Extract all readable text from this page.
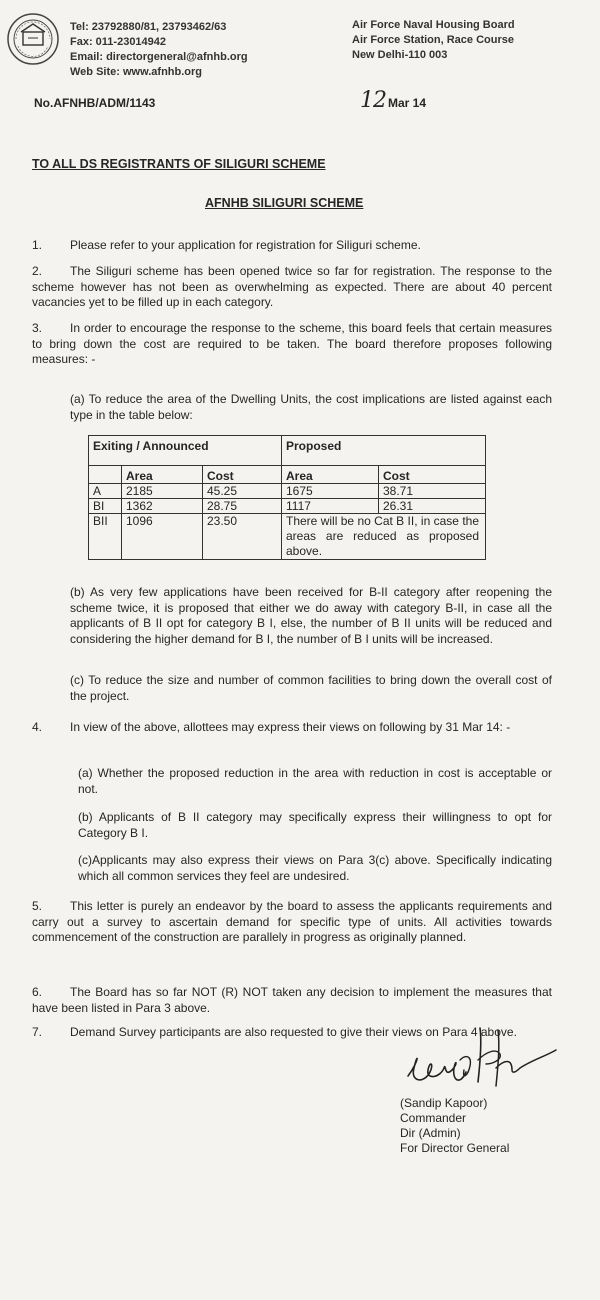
Tel: 23792880/81, 23793462/63
Fax: 011-23014942
Email: directorgeneral@afnhb.org
Web Site: www.afnhb.org
Air Force Naval Housing Board
Air Force Station, Race Course
New Delhi-110 003
No.AFNHB/ADM/1143	12 Mar 14
TO ALL DS REGISTRANTS OF SILIGURI SCHEME
AFNHB SILIGURI SCHEME
1. Please refer to your application for registration for Siliguri scheme.
2. The Siliguri scheme has been opened twice so far for registration. The response to the scheme however has not been as overwhelming as expected. There are about 40 percent vacancies yet to be filled up in each category.
3. In order to encourage the response to the scheme, this board feels that certain measures to bring down the cost are required to be taken. The board therefore proposes following measures: -
(a) To reduce the area of the Dwelling Units, the cost implications are listed against each type in the table below:
Exiting / Announced			Proposed	
	Area	Cost	Area	Cost
A	2185	45.25	1675	38.71
BI	1362	28.75	1117	26.31
BII	1096	23.50	There will be no Cat B II, in case the areas are reduced as proposed above.	
(b) As very few applications have been received for B-II category after reopening the scheme twice, it is proposed that either we do away with category B-II, in case all the applicants of B II opt for category B I, else, the number of B II units will be reduced and considering the higher demand for B I, the number of B I units will be increased.
(c) To reduce the size and number of common facilities to bring down the overall cost of the project.
4. In view of the above, allottees may express their views on following by 31 Mar 14: -
(a) Whether the proposed reduction in the area with reduction in cost is acceptable or not.
(b) Applicants of B II category may specifically express their willingness to opt for Category B I.
(c)Applicants may also express their views on Para 3(c) above. Specifically indicating which all common services they feel are undesired.
5. This letter is purely an endeavor by the board to assess the applicants requirements and carry out a survey to ascertain demand for specific type of units. All activities towards commencement of the construction are parallely in progress as originally planned.
6. The Board has so far NOT (R) NOT taken any decision to implement the measures that have been listed in Para 3 above.
7. Demand Survey participants are also requested to give their views on Para 4 above.
(Sandip Kapoor)
Commander
Dir (Admin)
For Director General
